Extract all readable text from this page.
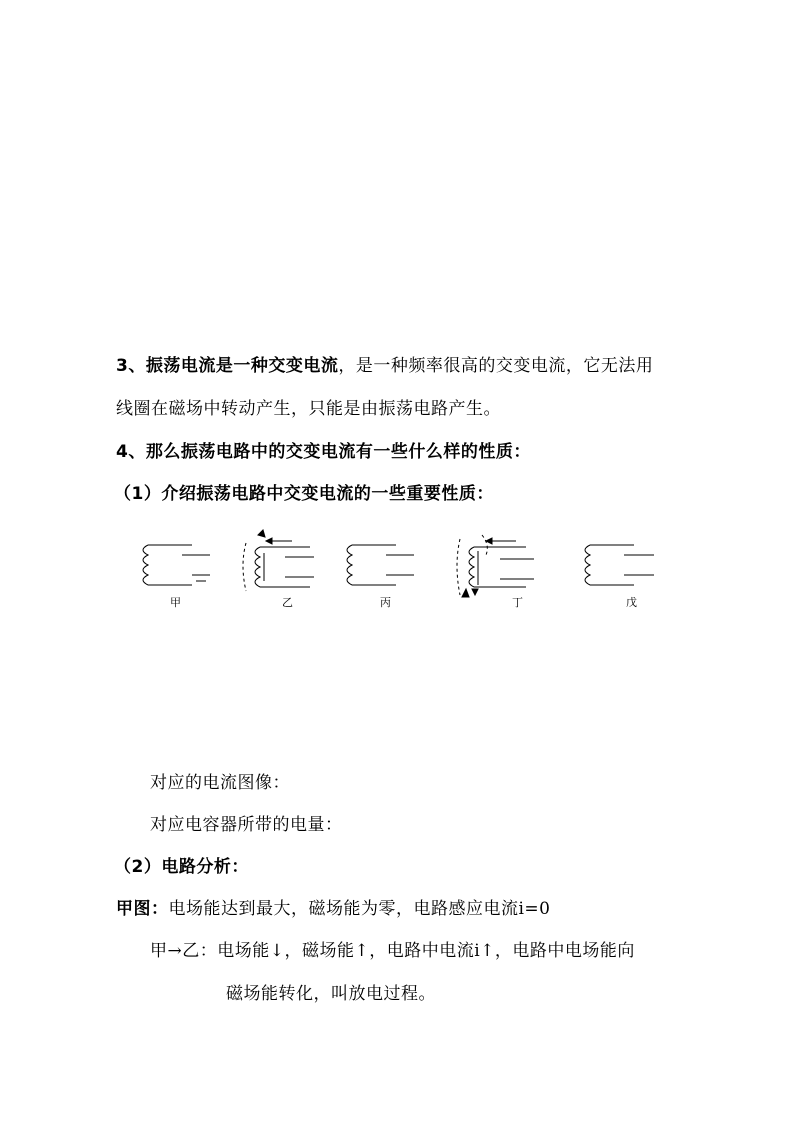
3、振荡电流是一种交变电流，是一种频率很高的交变电流，它无法用
线圈在磁场中转动产生，只能是由振荡电路产生。
4、那么振荡电路中的交变电流有一些什么样的性质：
（1）介绍振荡电路中交变电流的一些重要性质：
甲	乙	丙	丁	戊
对应的电流图像：
对应电容器所带的电量：
（2）电路分析：
甲图：电场能达到最大，磁场能为零，电路感应电流i=0
甲→乙：电场能↓，磁场能↑，电路中电流i↑，电路中电场能向
磁场能转化，叫放电过程。
